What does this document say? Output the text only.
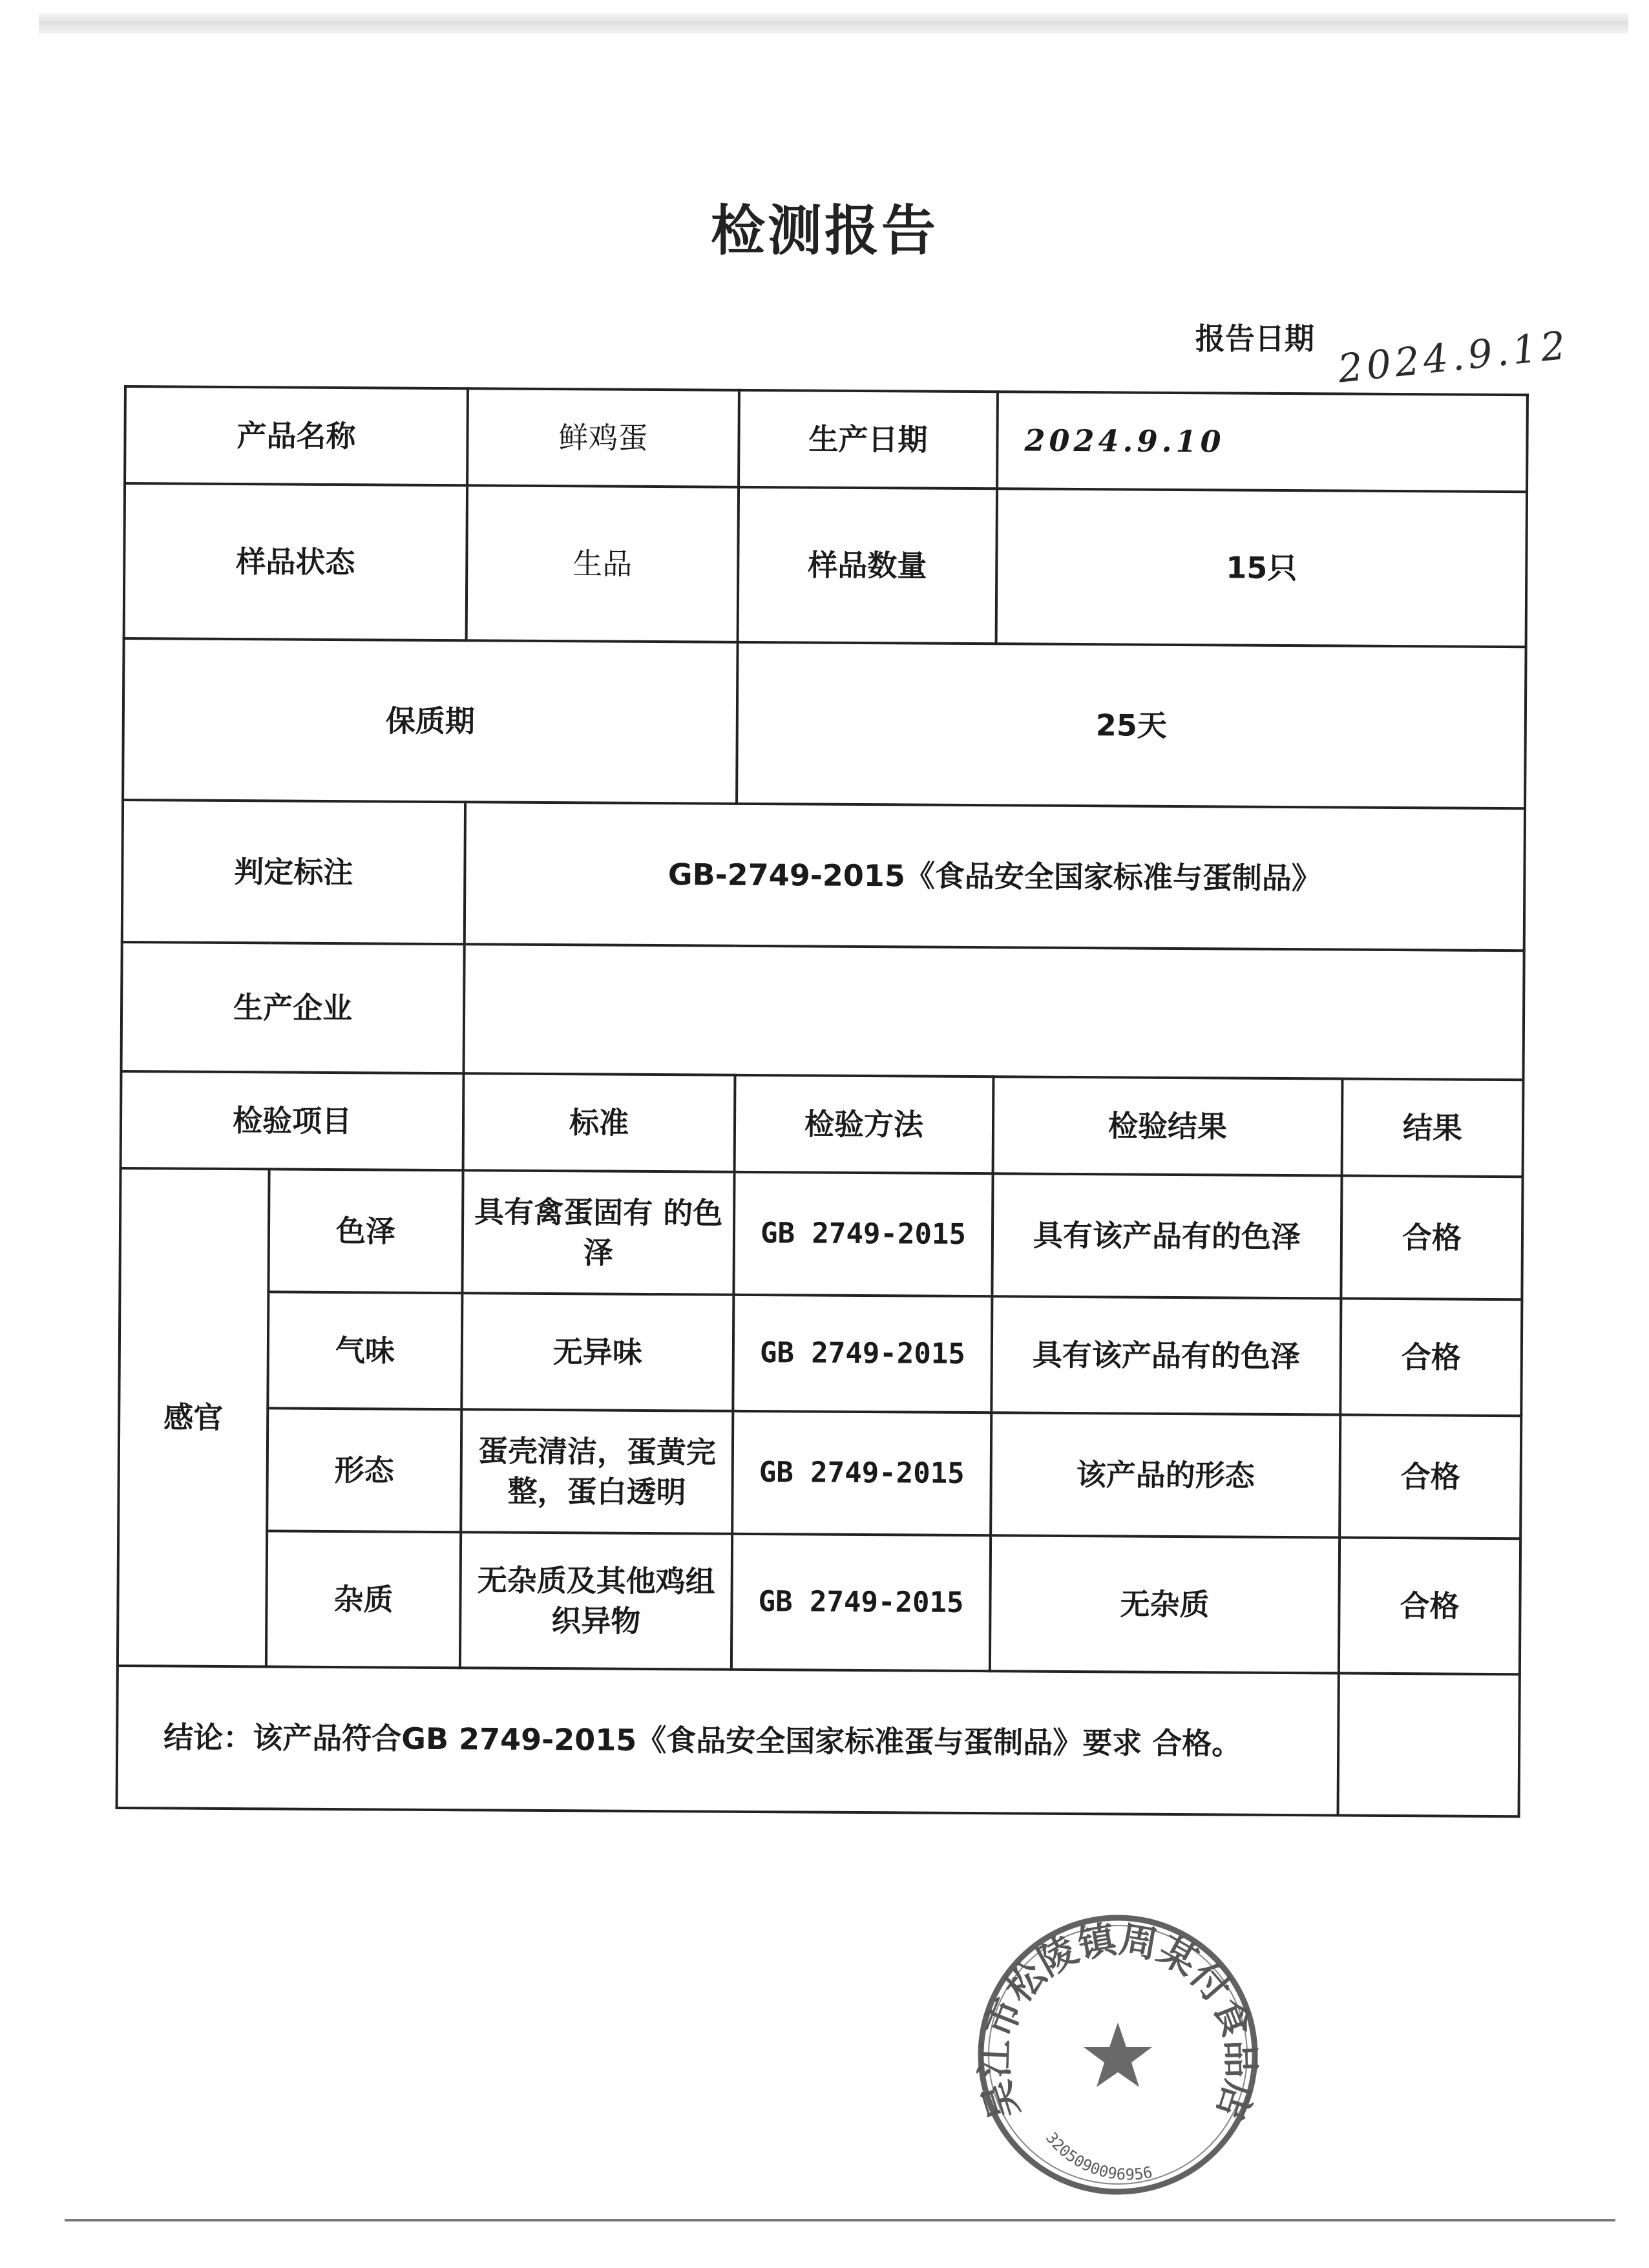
检测报告
报告日期 2024.9.12
产品名称		鲜鸡蛋	生产日期	2024.9.10	
样品状态		生品	样品数量	15只	
保质期			25天		
判定标注		GB-2749-2015《食品安全国家标准与蛋制品》			
生产企业					
检验项目		标准	检验方法	检验结果	结果
感官	色泽	具有禽蛋固有 的色泽	GB 2749-2015	具有该产品有的色泽	合格
	气味	无异味	GB 2749-2015	具有该产品有的色泽	合格
	形态	蛋壳清洁，蛋黄完整，蛋白透明	GB 2749-2015	该产品的形态	合格
	杂质	无杂质及其他鸡组织异物	GB 2749-2015	无杂质	合格
结论：该产品符合GB 2749-2015《食品安全国家标准蛋与蛋制品》要求 合格。					
吴江市松陵镇周某付食品店
3205090096956
